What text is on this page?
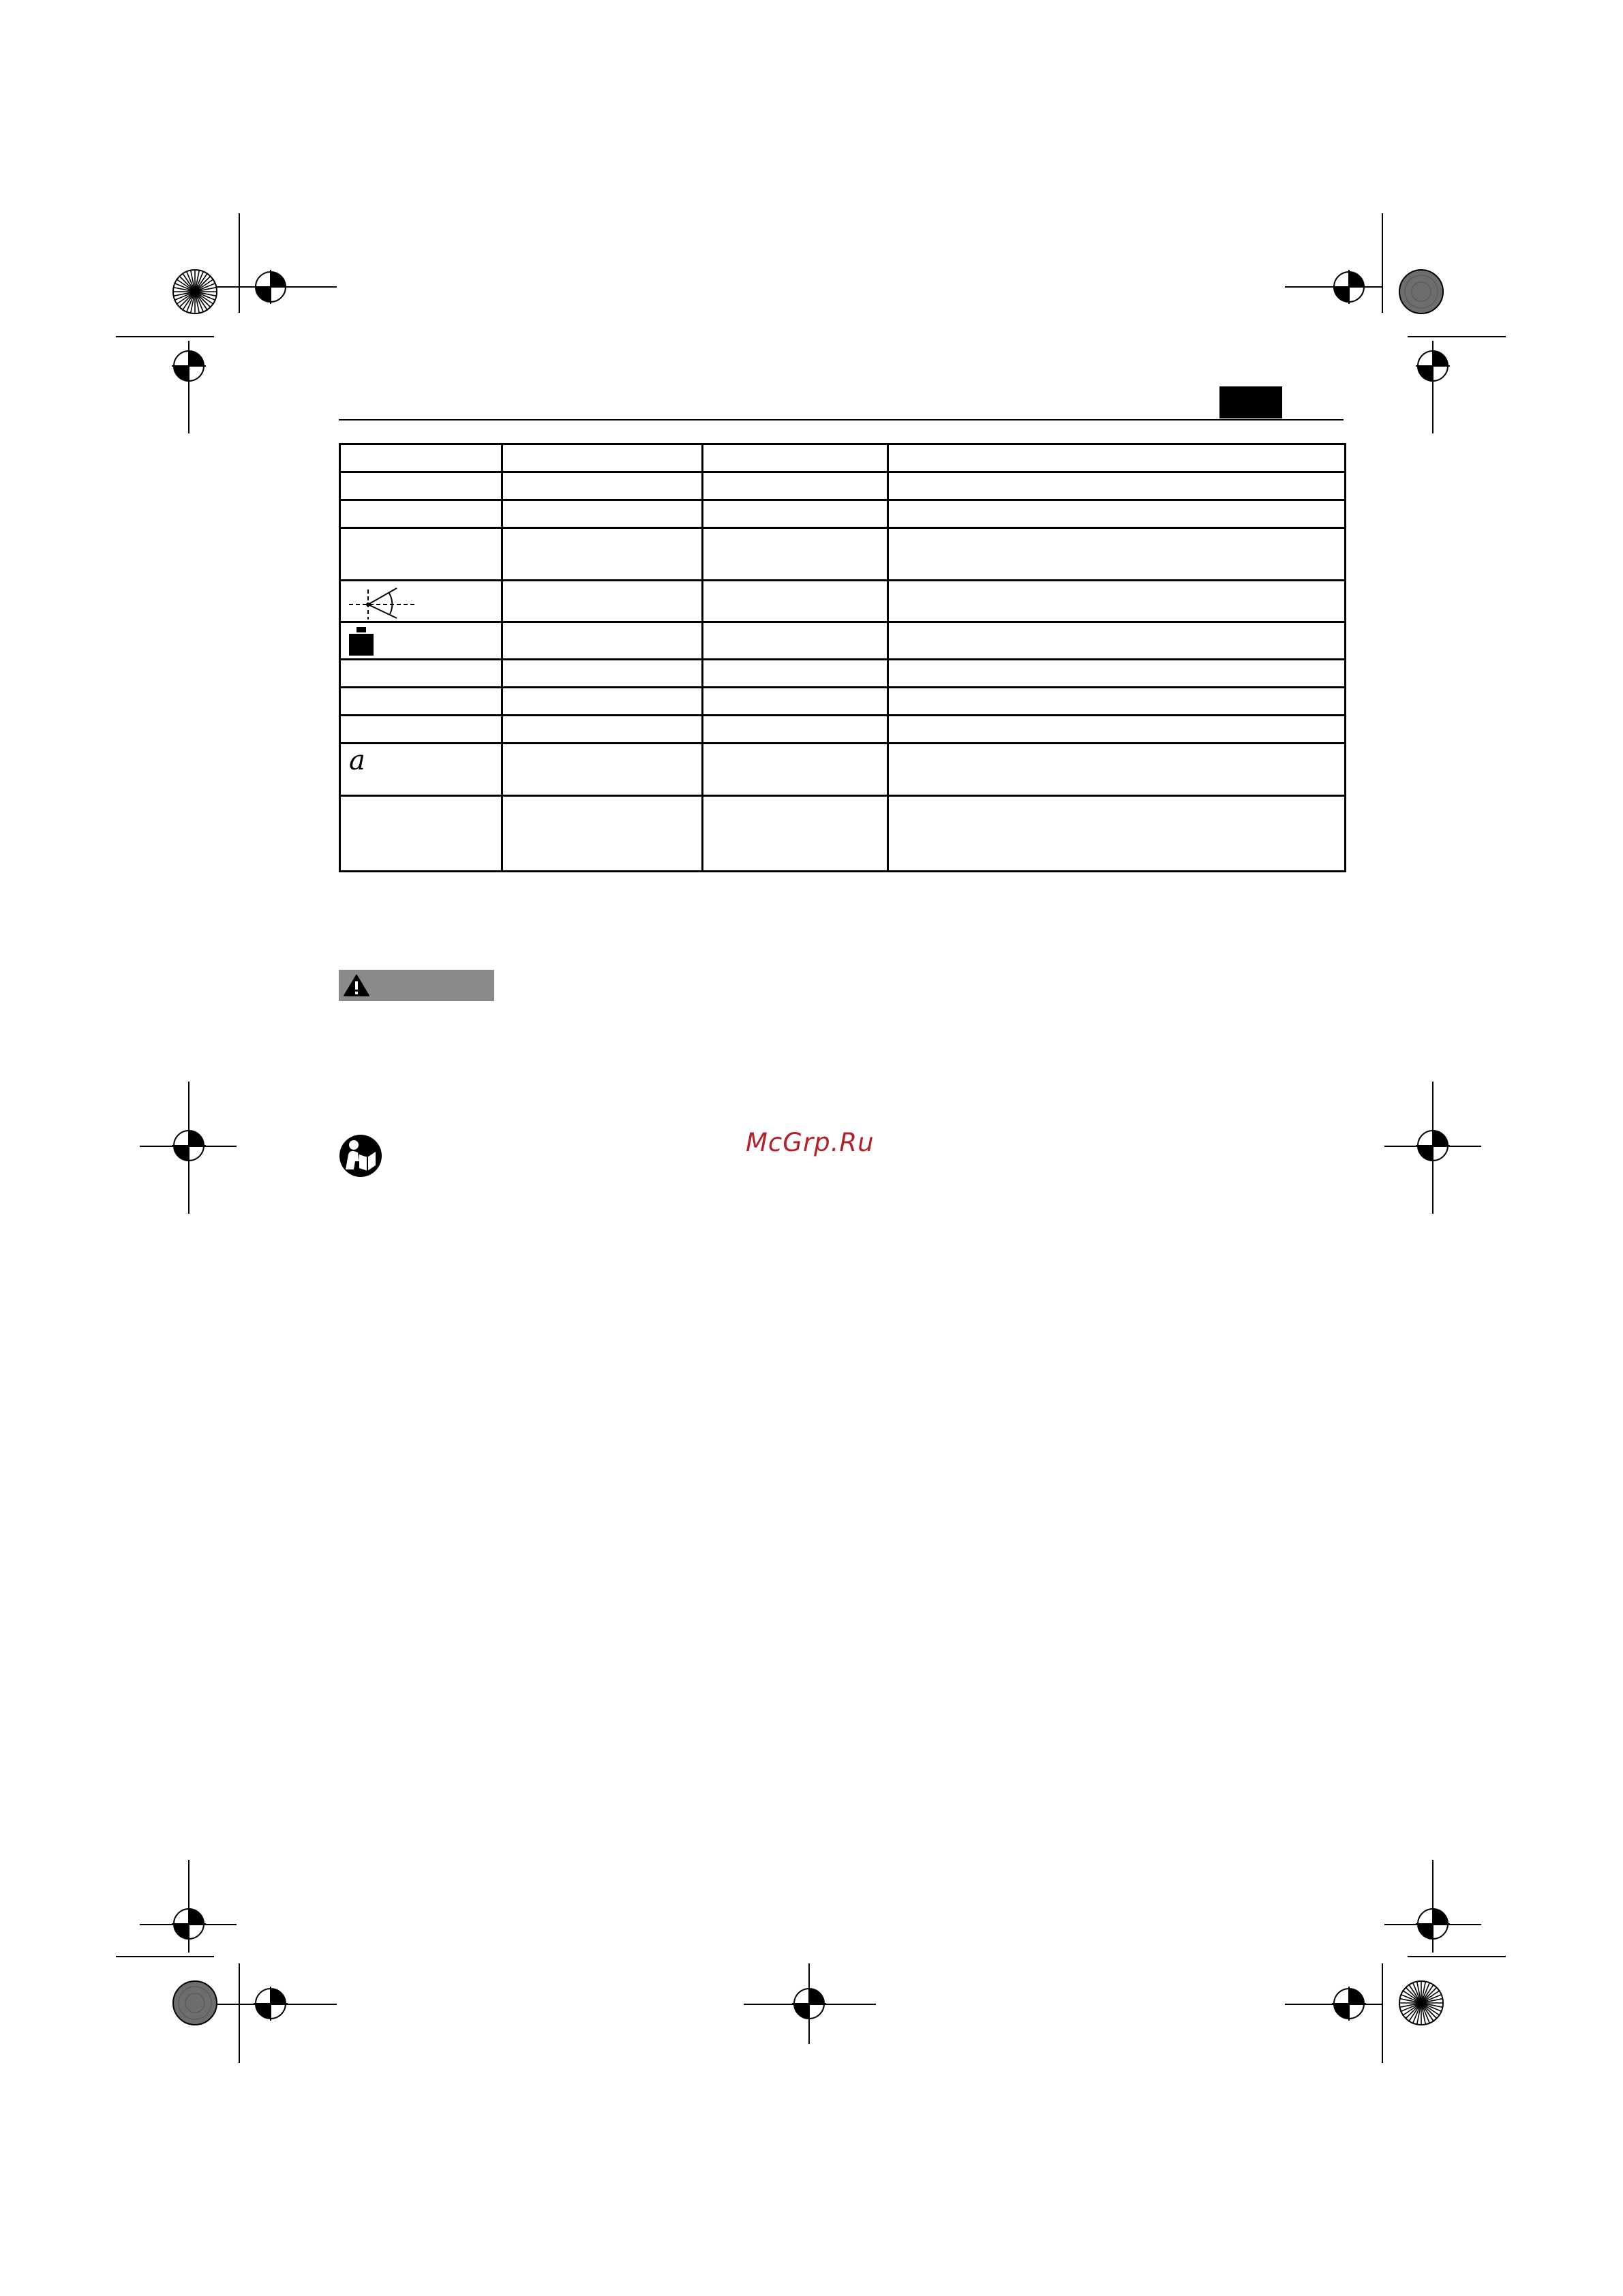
a			

McGrp.Ru
